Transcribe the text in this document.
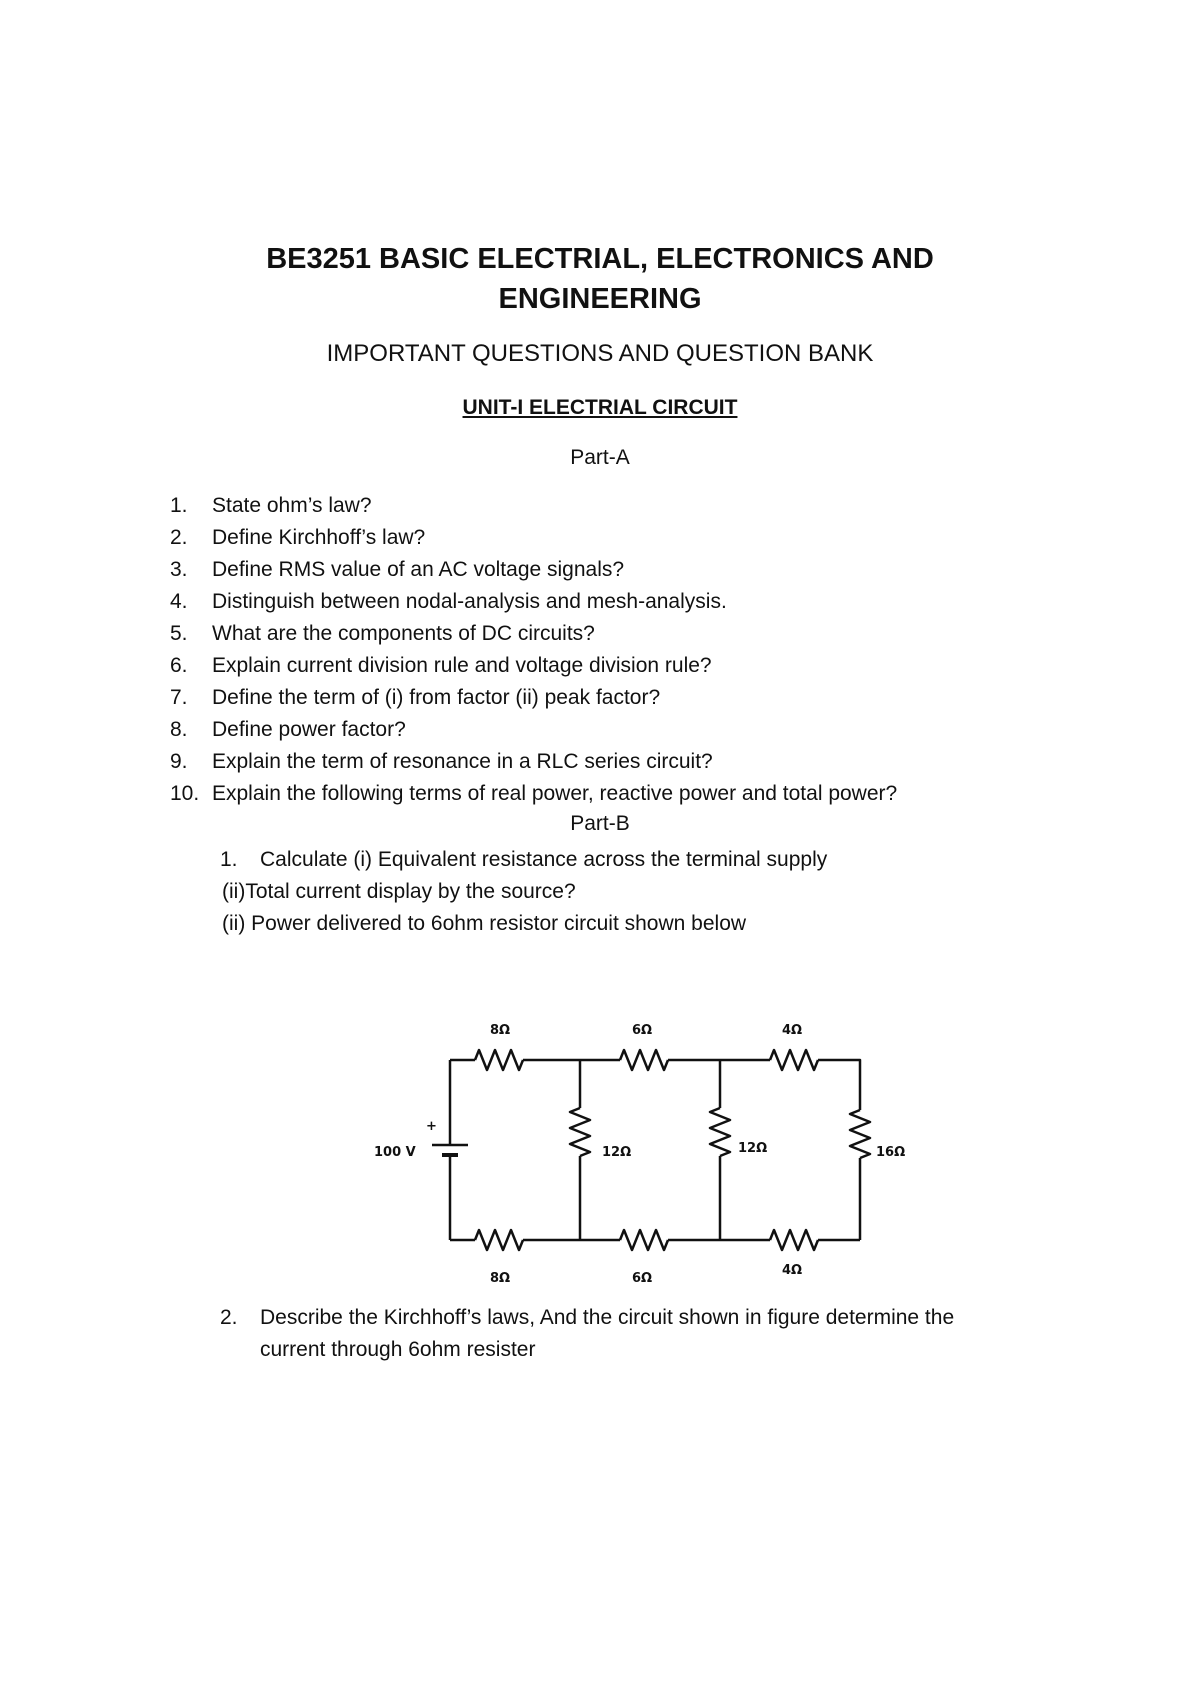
BE3251 BASIC ELECTRIAL, ELECTRONICS AND
ENGINEERING
IMPORTANT QUESTIONS AND QUESTION BANK
UNIT-I ELECTRIAL CIRCUIT
Part-A
1. State ohm’s law?
2. Define Kirchhoff’s law?
3. Define RMS value of an AC voltage signals?
4. Distinguish between nodal-analysis and mesh-analysis.
5. What are the components of DC circuits?
6. Explain current division rule and voltage division rule?
7. Define the term of (i) from factor (ii) peak factor?
8. Define power factor?
9. Explain the term of resonance in a RLC series circuit?
10. Explain the following terms of real power, reactive power and total power?
Part-B
1. Calculate (i) Equivalent resistance across the terminal supply
(ii)Total current display by the source?
(ii) Power delivered to 6ohm resistor circuit shown below
8Ω	6Ω	4Ω
+
100 V	12Ω	12Ω	16Ω
8Ω	6Ω
4Ω
2. Describe the Kirchhoff’s laws, And the circuit shown in figure determine the
current through 6ohm resister
